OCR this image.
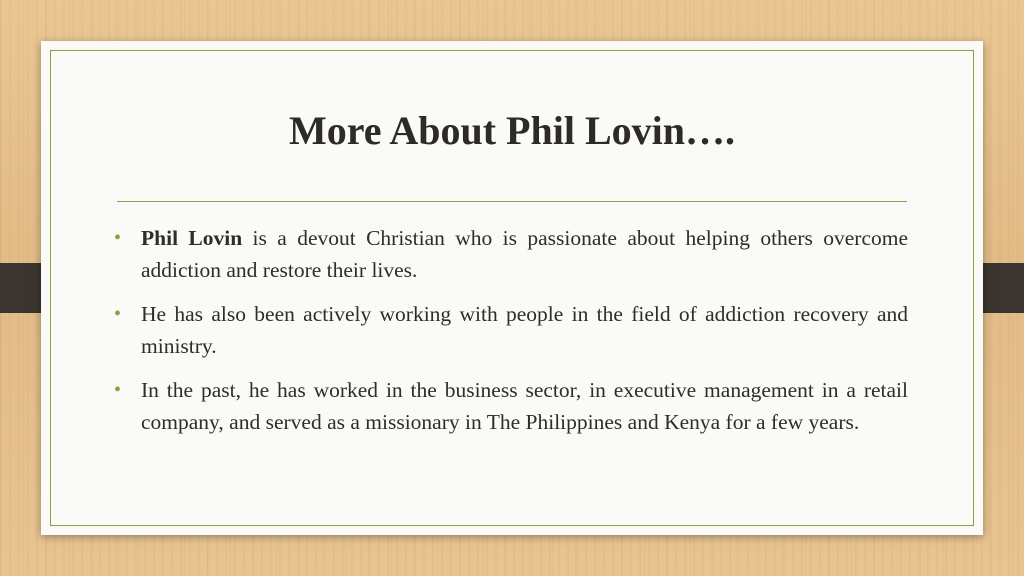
More About Phil Lovin….
• Phil Lovin is a devout Christian who is passionate about helping others overcome addiction and restore their lives.
• He has also been actively working with people in the field of addiction recovery and ministry.
• In the past, he has worked in the business sector, in executive management in a retail company, and served as a missionary in The Philippines and Kenya for a few years.
